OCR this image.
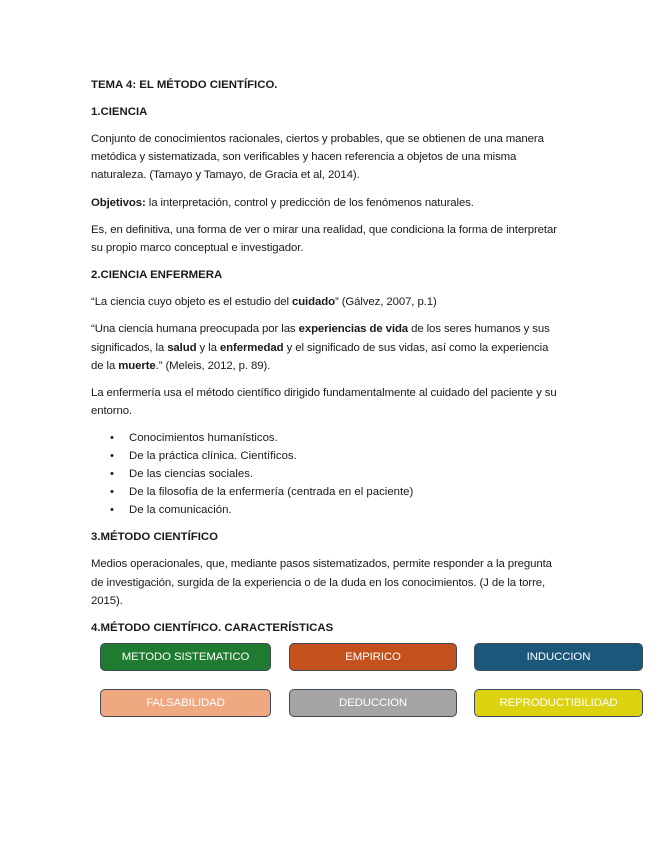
TEMA 4: EL MÉTODO CIENTÍFICO.
1.CIENCIA

Conjunto de conocimientos racionales, ciertos y probables, que se obtienen de una manera metódica y sistematizada, son verificables y hacen referencia a objetos de una misma naturaleza. (Tamayo y Tamayo, de Gracia et al, 2014).

Objetivos: la interpretación, control y predicción de los fenómenos naturales.

Es, en definitiva, una forma de ver o mirar una realidad, que condiciona la forma de interpretar su propio marco conceptual e investigador.

2.CIENCIA ENFERMERA

“La ciencia cuyo objeto es el estudio del cuidado” (Gálvez, 2007, p.1)

“Una ciencia humana preocupada por las experiencias de vida de los seres humanos y sus significados, la salud y la enfermedad y el significado de sus vidas, así como la experiencia de la muerte.” (Meleis, 2012, p. 89).

La enfermería usa el método científico dirigido fundamentalmente al cuidado del paciente y su entorno.

• Conocimientos humanísticos.
• De la práctica clínica. Científicos.
• De las ciencias sociales.
• De la filosofía de la enfermería (centrada en el paciente)
• De la comunicación.
3.MÉTODO CIENTÍFICO

Medios operacionales, que, mediante pasos sistematizados, permite responder a la pregunta de investigación, surgida de la experiencia o de la duda en los conocimientos. (J de la torre, 2015).

4.MÉTODO CIENTÍFICO. CARACTERÍSTICAS
METODO SISTEMATICO	EMPIRICO	INDUCCION
FALSABILIDAD	DEDUCCION	REPRODUCTIBILIDAD
